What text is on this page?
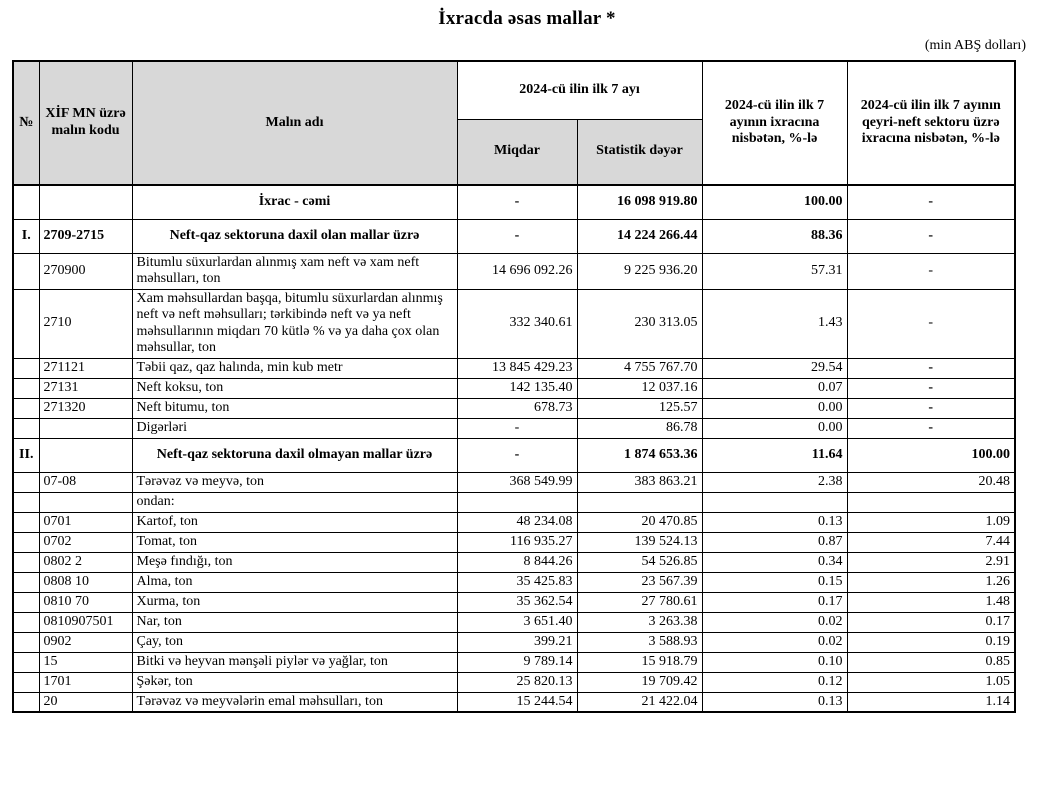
İxracda əsas mallar *
(min ABŞ dolları)
№	XİF MN üzrə malın kodu	Malın adı	2024-cü ilin ilk 7 ayı		2024-cü ilin ilk 7 ayının ixracına nisbətən, %-lə	2024-cü ilin ilk 7 ayının qeyri-neft sektoru üzrə ixracına nisbətən, %-lə
			Miqdar	Statistik dəyər		
		İxrac - cəmi	-	16 098 919.80	100.00	-
I.	2709-2715	Neft-qaz sektoruna daxil olan mallar üzrə	-	14 224 266.44	88.36	-
	270900	Bitumlu süxurlardan alınmış xam neft və xam neft məhsulları, ton	14 696 092.26	9 225 936.20	57.31	-
	2710	Xam məhsullardan başqa, bitumlu süxurlardan alınmış neft və neft məhsulları; tərkibində neft və ya neft məhsullarının miqdarı 70 kütlə % və ya daha çox olan məhsullar, ton	332 340.61	230 313.05	1.43	-
	271121	Təbii qaz, qaz halında, min kub metr	13 845 429.23	4 755 767.70	29.54	-
	27131	Neft koksu, ton	142 135.40	12 037.16	0.07	-
	271320	Neft bitumu, ton	678.73	125.57	0.00	-
		Digərləri	-	86.78	0.00	-
II.		Neft-qaz sektoruna daxil olmayan mallar üzrə	-	1 874 653.36	11.64	100.00
	07-08	Tərəvəz və meyvə, ton	368 549.99	383 863.21	2.38	20.48
		ondan:				
	0701	Kartof, ton	48 234.08	20 470.85	0.13	1.09
	0702	Tomat, ton	116 935.27	139 524.13	0.87	7.44
	0802 2	Meşə fındığı, ton	8 844.26	54 526.85	0.34	2.91
	0808 10	Alma, ton	35 425.83	23 567.39	0.15	1.26
	0810 70	Xurma, ton	35 362.54	27 780.61	0.17	1.48
	0810907501	Nar, ton	3 651.40	3 263.38	0.02	0.17
	0902	Çay, ton	399.21	3 588.93	0.02	0.19
	15	Bitki və heyvan mənşəli piylər və yağlar, ton	9 789.14	15 918.79	0.10	0.85
	1701	Şəkər, ton	25 820.13	19 709.42	0.12	1.05
	20	Tərəvəz və meyvələrin emal məhsulları, ton	15 244.54	21 422.04	0.13	1.14
